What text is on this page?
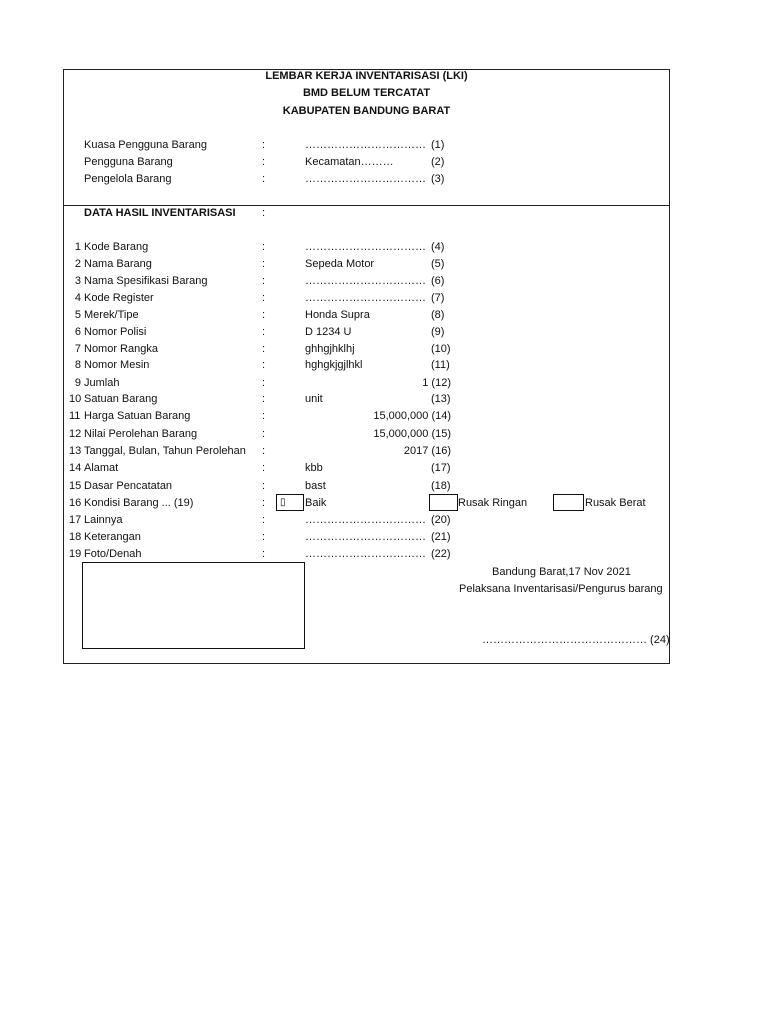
LEMBAR KERJA INVENTARISASI (LKI)
BMD BELUM TERCATAT
KABUPATEN BANDUNG BARAT
Kuasa Pengguna Barang	:	…………………………… (1)
Pengguna Barang	:	Kecamatan………	(2)
Pengelola Barang	:	…………………………… (3)
DATA HASIL INVENTARISASI :
1 Kode Barang	:	…………………………… (4)
2 Nama Barang	:	Sepeda Motor	(5)
3 Nama Spesifikasi Barang	:	…………………………… (6)
4 Kode Register	:	…………………………… (7)
5 Merek/Tipe	:	Honda Supra	(8)
6 Nomor Polisi	:	D 1234 U	(9)
7 Nomor Rangka	:	ghhgjhklhj	(10)
8 Nomor Mesin	:	hghgkjgjlhkl	(11)
9 Jumlah	:	1 (12)
10 Satuan Barang	:	unit	(13)
11 Harga Satuan Barang	:	15,000,000 (14)
12 Nilai Perolehan Barang	:	15,000,000 (15)
13 Tanggal, Bulan, Tahun Perolehan :	2017 (16)
14 Alamat	:	kbb	(17)
15 Dasar Pencatatan	:	bast	(18)
16 Kondisi Barang ... (19)	: ▯ Baik	Rusak Ringan	Rusak Berat
17 Lainnya	:	…………………………… (20)
18 Keterangan	:	…………………………… (21)
19 Foto/Denah	:	…………………………… (22)
Bandung Barat,17 Nov 2021
Pelaksana Inventarisasi/Pengurus barang
……………………………………… (24)
